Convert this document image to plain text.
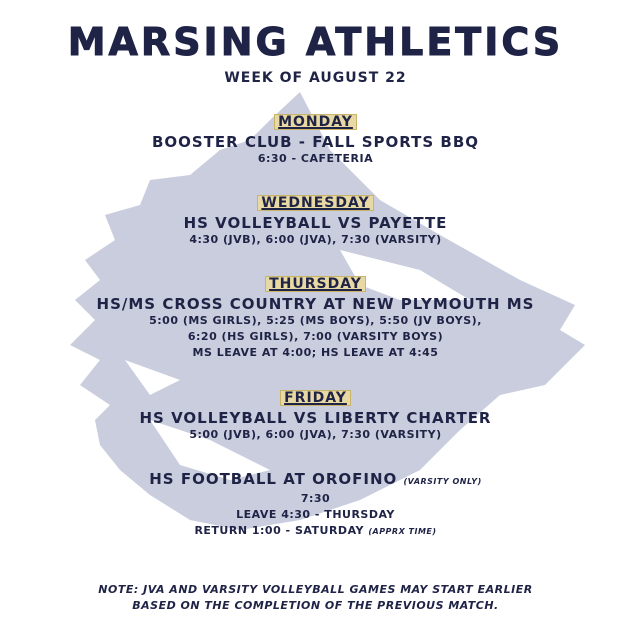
MARSING ATHLETICS
WEEK OF AUGUST 22
MONDAY
BOOSTER CLUB - FALL SPORTS BBQ
6:30 - CAFETERIA
WEDNESDAY
HS VOLLEYBALL VS PAYETTE
4:30 (JVB), 6:00 (JVA), 7:30 (VARSITY)
THURSDAY
HS/MS CROSS COUNTRY AT NEW PLYMOUTH MS
5:00 (MS GIRLS), 5:25 (MS BOYS), 5:50 (JV BOYS),
6:20 (HS GIRLS), 7:00 (VARSITY BOYS)
MS LEAVE AT 4:00; HS LEAVE AT 4:45
FRIDAY
HS VOLLEYBALL VS LIBERTY CHARTER
5:00 (JVB), 6:00 (JVA), 7:30 (VARSITY)
HS FOOTBALL AT OROFINO (VARSITY ONLY)
7:30
LEAVE 4:30 - THURSDAY
RETURN 1:00 - SATURDAY (APPRX TIME)
NOTE: JVA AND VARSITY VOLLEYBALL GAMES MAY START EARLIER
BASED ON THE COMPLETION OF THE PREVIOUS MATCH.
